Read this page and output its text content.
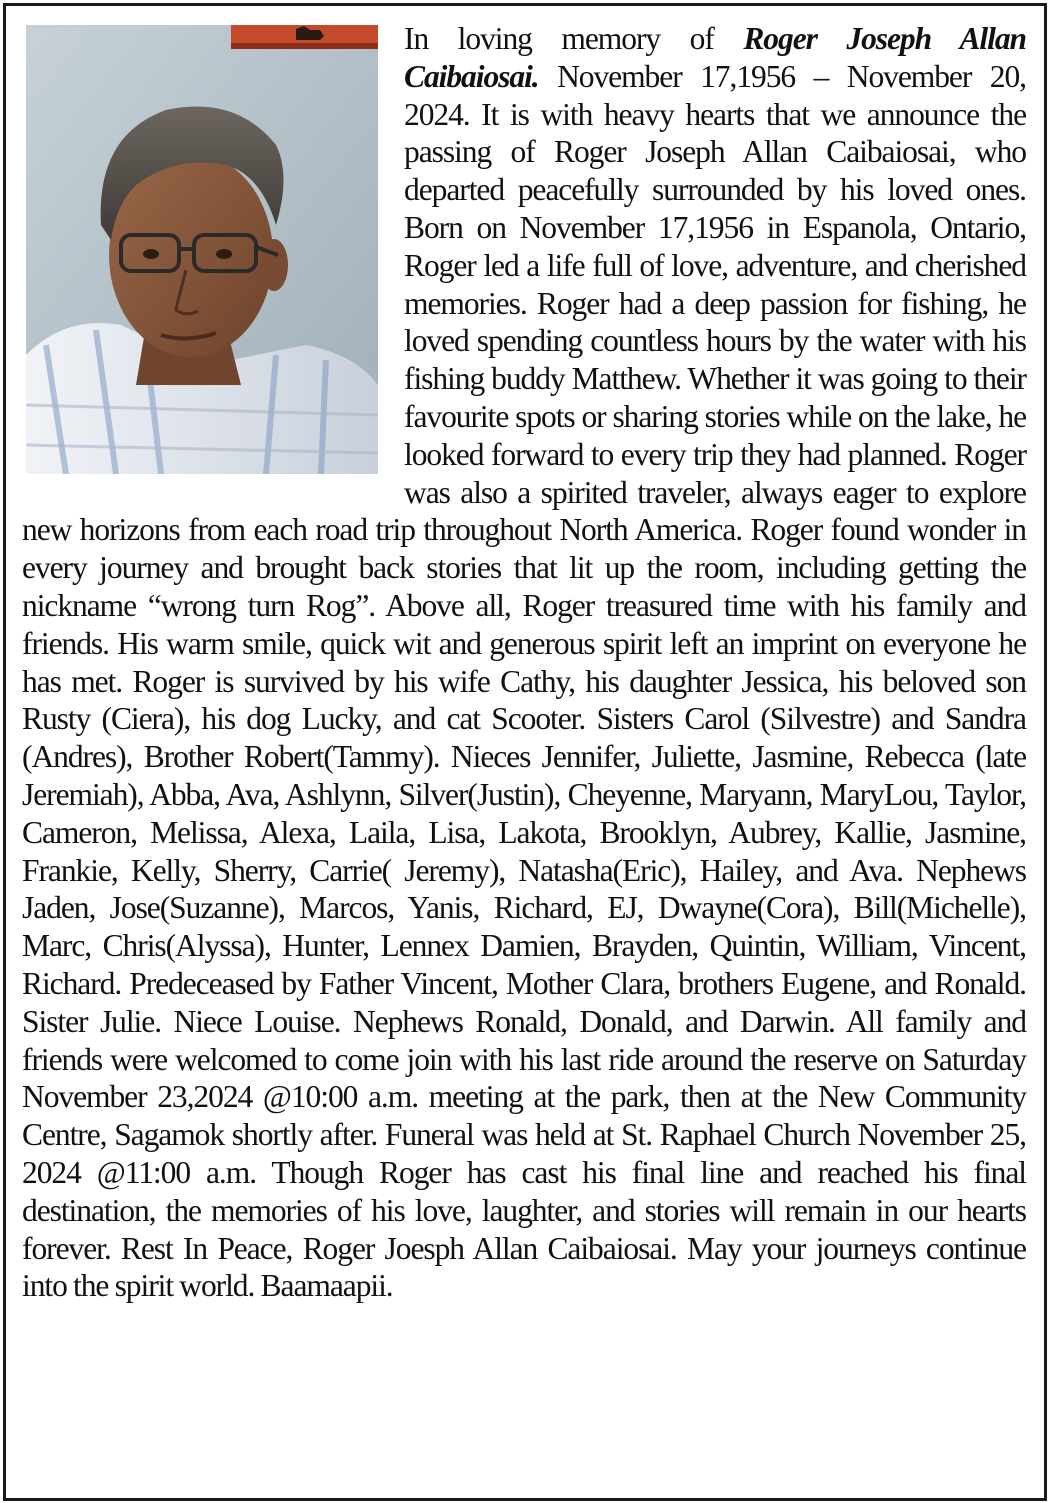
In loving memory of Roger Joseph Allan Caibaiosai. November 17,1956 – November 20, 2024. It is with heavy hearts that we announce the passing of Roger Joseph Allan Caibaiosai, who departed peacefully surrounded by his loved ones. Born on November 17,1956 in Espanola, Ontario, Roger led a life full of love, adventure, and cherished memories. Roger had a deep passion for fishing, he loved spending countless hours by the water with his fishing buddy Matthew. Whether it was going to their favourite spots or sharing stories while on the lake, he looked forward to every trip they had planned. Roger was also a spirited traveler, always eager to explore new horizons from each road trip throughout North America. Roger found wonder in every journey and brought back stories that lit up the room, including getting the nickname “wrong turn Rog”. Above all, Roger treasured time with his family and friends. His warm smile, quick wit and generous spirit left an imprint on everyone he has met. Roger is survived by his wife Cathy, his daughter Jessica, his beloved son Rusty (Ciera), his dog Lucky, and cat Scooter. Sisters Carol (Silvestre) and Sandra (Andres), Brother Robert(Tammy). Nieces Jennifer, Juliette, Jasmine, Rebecca (late Jeremiah), Abba, Ava, Ashlynn, Silver(Justin), Cheyenne, Maryann, MaryLou, Taylor, Cameron, Melissa, Alexa, Laila, Lisa, Lakota, Brooklyn, Aubrey, Kallie, Jasmine, Frankie, Kelly, Sherry, Carrie( Jeremy), Natasha(Eric), Hailey, and Ava. Nephews Jaden, Jose(Suzanne), Marcos, Yanis, Richard, EJ, Dwayne(Cora), Bill(Michelle), Marc, Chris(Alyssa), Hunter, Lennex Damien, Brayden, Quintin, William, Vincent, Richard. Predeceased by Father Vincent, Mother Clara, brothers Eugene, and Ronald. Sister Julie. Niece Louise. Nephews Ronald, Donald, and Darwin. All family and friends were welcomed to come join with his last ride around the reserve on Saturday November 23,2024 @10:00 a.m. meeting at the park, then at the New Community Centre, Sagamok shortly after. Funeral was held at St. Raphael Church November 25, 2024 @11:00 a.m. Though Roger has cast his final line and reached his final destination, the memories of his love, laughter, and stories will remain in our hearts forever. Rest In Peace, Roger Joesph Allan Caibaiosai. May your journeys continue into the spirit world. Baamaapii.
